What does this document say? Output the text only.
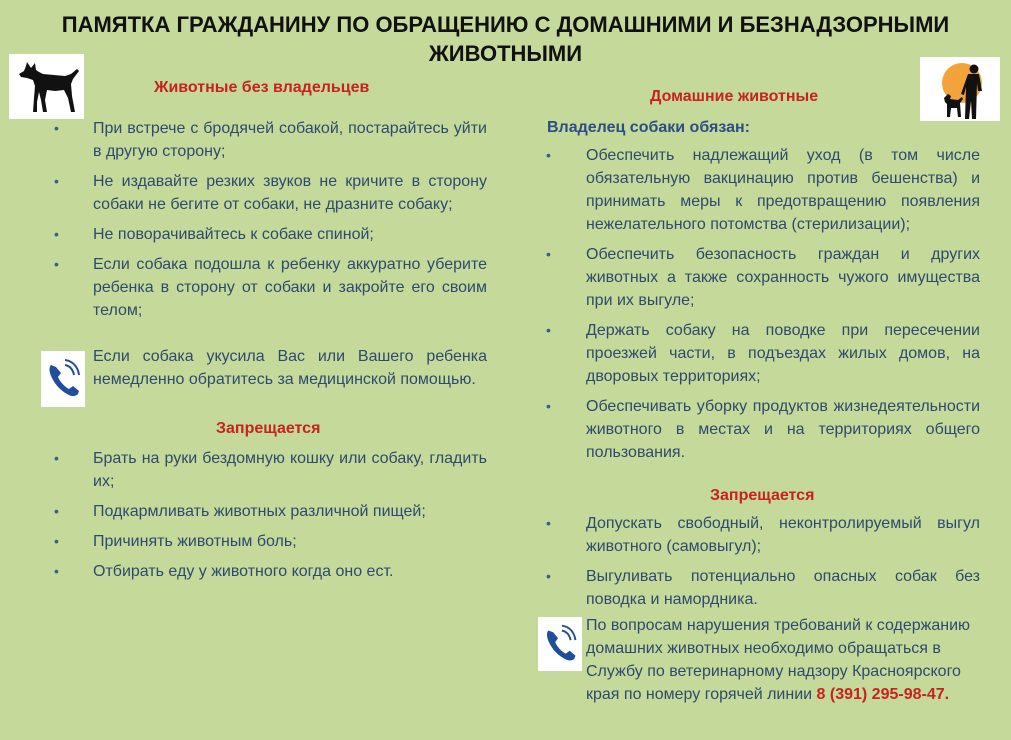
ПАМЯТКА ГРАЖДАНИНУ ПО ОБРАЩЕНИЮ С ДОМАШНИМИ И БЕЗНАДЗОРНЫМИ
ЖИВОТНЫМИ
Животные без владельцев
• При встрече с бродячей собакой, постарайтесь уйти в другую сторону;
• Не издавайте резких звуков не кричите в сторону собаки не бегите от собаки, не дразните собаку;
• Не поворачивайтесь к собаке спиной;
• Если собака подошла к ребенку аккуратно уберите ребенка в сторону от собаки и закройте его своим телом;
Если собака укусила Вас или Вашего ребенка немедленно обратитесь за медицинской помощью.
Запрещается
• Брать на руки бездомную кошку или собаку, гладить их;
• Подкармливать животных различной пищей;
• Причинять животным боль;
• Отбирать еду у животного когда оно ест.
Домашние животные
Владелец собаки обязан:
• Обеспечить надлежащий уход (в том числе обязательную вакцинацию против бешенства) и принимать меры к предотвращению появления нежелательного потомства (стерилизации);
• Обеспечить безопасность граждан и других животных а также сохранность чужого имущества при их выгуле;
• Держать собаку на поводке при пересечении проезжей части, в подъездах жилых домов, на дворовых территориях;
• Обеспечивать уборку продуктов жизнедеятельности животного в местах и на территориях общего пользования.
Запрещается
• Допускать свободный, неконтролируемый выгул животного (самовыгул);
• Выгуливать потенциально опасных собак без поводка и намордника.
По вопросам нарушения требований к содержанию домашних животных необходимо обращаться в Службу по ветеринарному надзору Красноярского края по номеру горячей линии 8 (391) 295-98-47.
